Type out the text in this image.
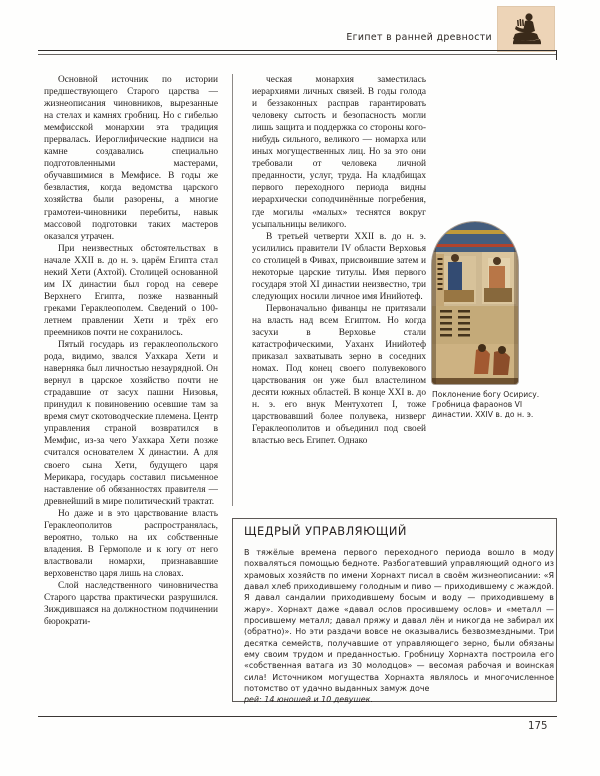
Египет в ранней древности

Основной источник по истории предшествующего Старого царства — жизнеописания чиновников, вырезанные на стелах и камнях гробниц. Но с гибелью мемфисской монархии эта традиция прервалась. Иероглифические надписи на камне создавались специально подготовленными мастерами, обучавшимися в Мемфисе. В годы же безвластия, когда ведомства царского хозяйства были разорены, а многие грамотеи-чиновники перебиты, навык массовой подготовки таких мастеров оказался утрачен.

При неизвестных обстоятельствах в начале XXII в. до н. э. царём Египта стал некий Хети (Ахтой). Столицей основанной им IX династии был город на севере Верхнего Египта, позже названный греками Гераклеополем. Сведений о 100-летнем правлении Хети и трёх его преемников почти не сохранилось.

Пятый государь из гераклеопольского рода, видимо, звался Уахкара Хети и наверняка был личностью незаурядной. Он вернул в царское хозяйство почти не страдавшие от засух пашни Низовья, принудил к повиновению осевшие там за время смут скотоводческие племена. Центр управления страной возвратился в Мемфис, из-за чего Уахкара Хети позже считался основателем X династии. А для своего сына Хети, будущего царя Мерикара, государь составил письменное наставление об обязанностях правителя — древнейший в мире политический трактат.

Но даже и в это царствование власть Гераклеополитов распространялась, вероятно, только на их собственные владения. В Гермополе и к югу от него властвовали номархи, признававшие верховенство царя лишь на словах.

Слой наследственного чиновничества Старого царства практически разрушился. Зиждившаяся на должностном подчинении бюрократи-

ческая монархия заместилась иерархиями личных связей. В годы голода и беззаконных расправ гарантировать человеку сытость и безопасность могли лишь защита и поддержка со стороны кого-нибудь сильного, великого — номарха или иных могущественных лиц. Но за это они требовали от человека личной преданности, услуг, труда. На кладбищах первого переходного периода видны иерархически соподчинённые погребения, где могилы «малых» теснятся вокруг усыпальницы великого.

В третьей четверти XXII в. до н. э. усилились правители IV области Верховья со столицей в Фивах, присвоившие затем и некоторые царские титулы. Имя первого государя этой XI династии неизвестно, три следующих носили личное имя Инийотеф.

Первоначально фиванцы не притязали на власть над всем Египтом. Но когда засухи в Верховье стали катастрофическими, Уаханх Инийотеф приказал захватывать зерно в соседних номах. Под конец своего полувекового царствования он уже был властелином десяти южных областей. В конце XXI в. до н. э. его внук Ментухотеп I, тоже царствовавший более полувека, низверг Гераклеополитов и объединил под своей властью весь Египет. Однако

Поклонение богу Осирису. Гробница фараонов VI династии. XXIV в. до н. э.
ЩЕДРЫЙ УПРАВЛЯЮЩИЙ

В тяжёлые времена первого переходного периода вошло в моду похваляться помощью бедноте. Разбогатевший управляющий одного из храмовых хозяйств по имени Хорнахт писал в своём жизнеописании: «Я давал хлеб приходившему голодным и пиво — приходившему с жаждой. Я давал сандалии приходившему босым и воду — приходившему в жару». Хорнахт даже «давал ослов просившему ослов» и «металл — просившему металл; давал пряжу и давал лён и никогда не забирал их (обратно)». Но эти раздачи вовсе не оказывались безвозмездными. Три десятка семейств, получавшие от управляющего зерно, были обязаны ему своим трудом и преданностью. Гробницу Хорнахта построила его «собственная ватага из 30 молодцов» — весомая рабочая и воинская сила! Источником могущества Хорнахта являлось и многочисленное потомство от удачно выданных замуж доче

рей: 14 юношей и 10 девушек.

175
